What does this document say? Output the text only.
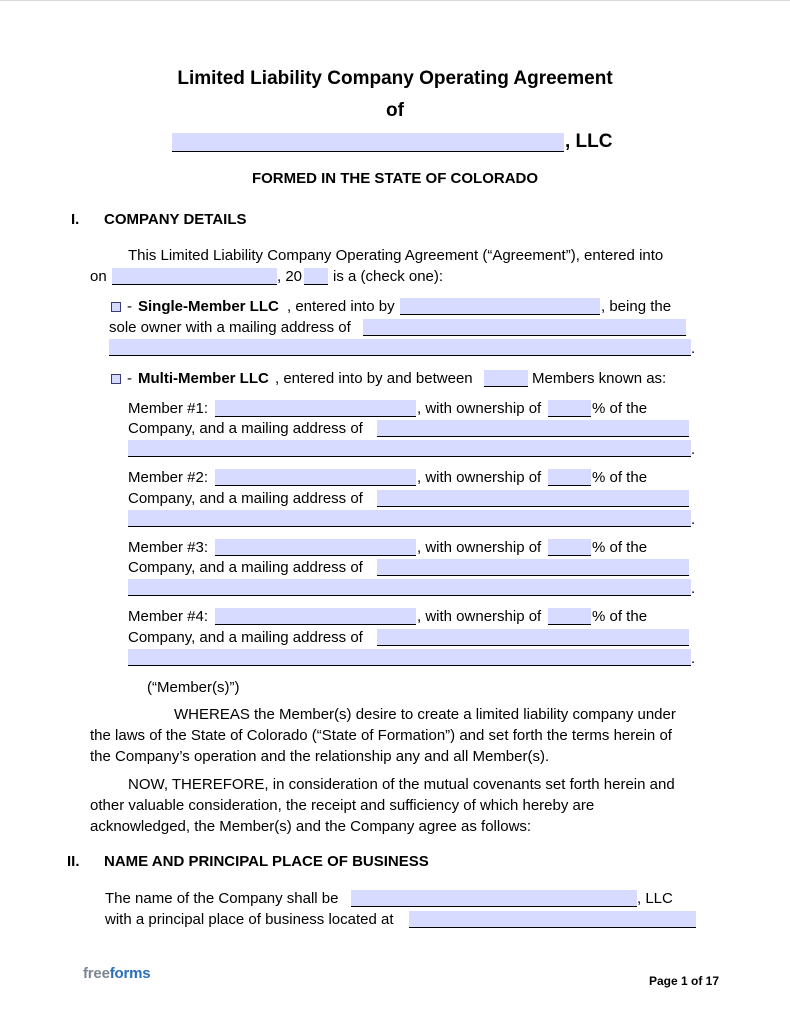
Limited Liability Company Operating Agreement
of
, LLC
FORMED IN THE STATE OF COLORADO
I. COMPANY DETAILS
This Limited Liability Company Operating Agreement (“Agreement”), entered into
on	, 20 is a (check one):
- Single-Member LLC , entered into by	, being the
sole owner with a mailing address of
.
- Multi-Member LLC , entered into by and between	Members known as:
Member #1:	, with ownership of	% of the
Company, and a mailing address of
.
Member #2:	, with ownership of	% of the
Company, and a mailing address of
.
Member #3:	, with ownership of	% of the
Company, and a mailing address of
.
Member #4:	, with ownership of	% of the
Company, and a mailing address of
.
(“Member(s)”)
WHEREAS the Member(s) desire to create a limited liability company under
the laws of the State of Colorado (“State of Formation”) and set forth the terms herein of
the Company’s operation and the relationship any and all Member(s).
NOW, THEREFORE, in consideration of the mutual covenants set forth herein and
other valuable consideration, the receipt and sufficiency of which hereby are
acknowledged, the Member(s) and the Company agree as follows:
II. NAME AND PRINCIPAL PLACE OF BUSINESS
The name of the Company shall be	, LLC
with a principal place of business located at
freeforms	Page 1 of 17
